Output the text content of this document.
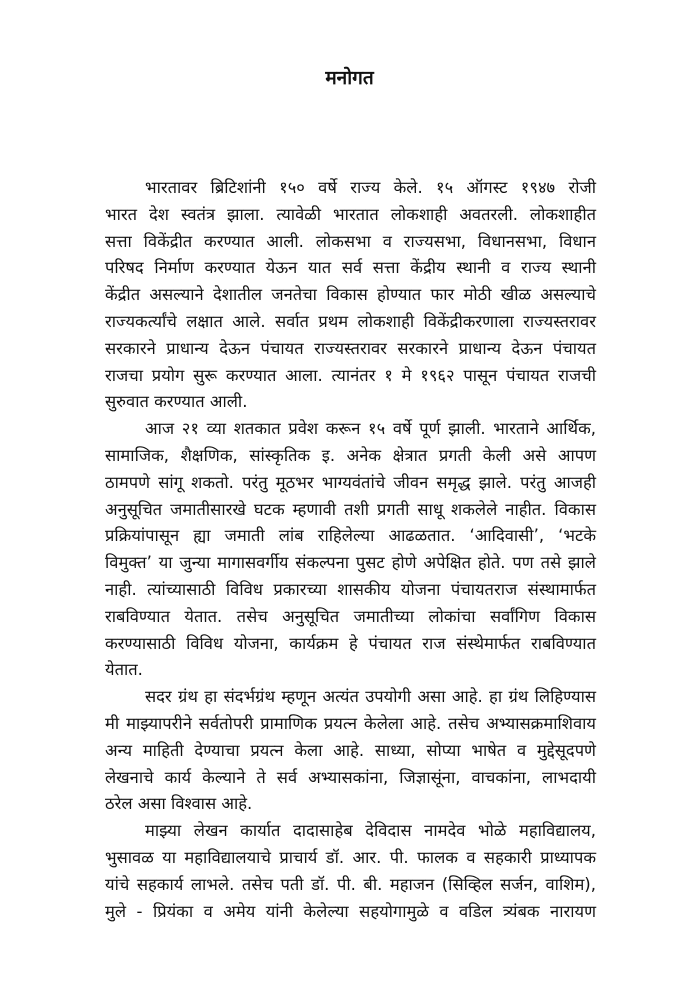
मनोगत
भारतावर ब्रिटिशांनी १५० वर्षे राज्य केले. १५ ऑगस्ट १९४७ रोजी
भारत देश स्वतंत्र झाला. त्यावेळी भारतात लोकशाही अवतरली. लोकशाहीत
सत्ता विकेंद्रीत करण्यात आली. लोकसभा व राज्यसभा, विधानसभा, विधान
परिषद निर्माण करण्यात येऊन यात सर्व सत्ता केंद्रीय स्थानी व राज्य स्थानी
केंद्रीत असल्याने देशातील जनतेचा विकास होण्यात फार मोठी खीळ असल्याचे
राज्यकर्त्यांचे लक्षात आले. सर्वात प्रथम लोकशाही विकेंद्रीकरणाला राज्यस्तरावर
सरकारने प्राधान्य देऊन पंचायत राज्यस्तरावर सरकारने प्राधान्य देऊन पंचायत
राजचा प्रयोग सुरू करण्यात आला. त्यानंतर १ मे १९६२ पासून पंचायत राजची
सुरुवात करण्यात आली.
आज २१ व्या शतकात प्रवेश करून १५ वर्षे पूर्ण झाली. भारताने आर्थिक,
सामाजिक, शैक्षणिक, सांस्कृतिक इ. अनेक क्षेत्रात प्रगती केली असे आपण
ठामपणे सांगू शकतो. परंतु मूठभर भाग्यवंतांचे जीवन समृद्ध झाले. परंतु आजही
अनुसूचित जमातीसारखे घटक म्हणावी तशी प्रगती साधू शकलेले नाहीत. विकास
प्रक्रियांपासून ह्या जमाती लांब राहिलेल्या आढळतात. ‘आदिवासी’, ‘भटके
विमुक्त’ या जुन्या मागासवर्गीय संकल्पना पुसट होणे अपेक्षित होते. पण तसे झाले
नाही. त्यांच्यासाठी विविध प्रकारच्या शासकीय योजना पंचायतराज संस्थामार्फत
राबविण्यात येतात. तसेच अनुसूचित जमातीच्या लोकांचा सर्वांगिण विकास
करण्यासाठी विविध योजना, कार्यक्रम हे पंचायत राज संस्थेमार्फत राबविण्यात
येतात.
सदर ग्रंथ हा संदर्भग्रंथ म्हणून अत्यंत उपयोगी असा आहे. हा ग्रंथ लिहिण्यास
मी माझ्यापरीने सर्वतोपरी प्रामाणिक प्रयत्न केलेला आहे. तसेच अभ्यासक्रमाशिवाय
अन्य माहिती देण्याचा प्रयत्न केला आहे. साध्या, सोप्या भाषेत व मुद्देसूदपणे
लेखनाचे कार्य केल्याने ते सर्व अभ्यासकांना, जिज्ञासूंना, वाचकांना, लाभदायी
ठरेल असा विश्वास आहे.
माझ्या लेखन कार्यात दादासाहेब देविदास नामदेव भोळे महाविद्यालय,
भुसावळ या महाविद्यालयाचे प्राचार्य डॉ. आर. पी. फालक व सहकारी प्राध्यापक
यांचे सहकार्य लाभले. तसेच पती डॉ. पी. बी. महाजन (सिव्हिल सर्जन, वाशिम),
मुले - प्रियंका व अमेय यांनी केलेल्या सहयोगामुळे व वडिल त्र्यंबक नारायण
